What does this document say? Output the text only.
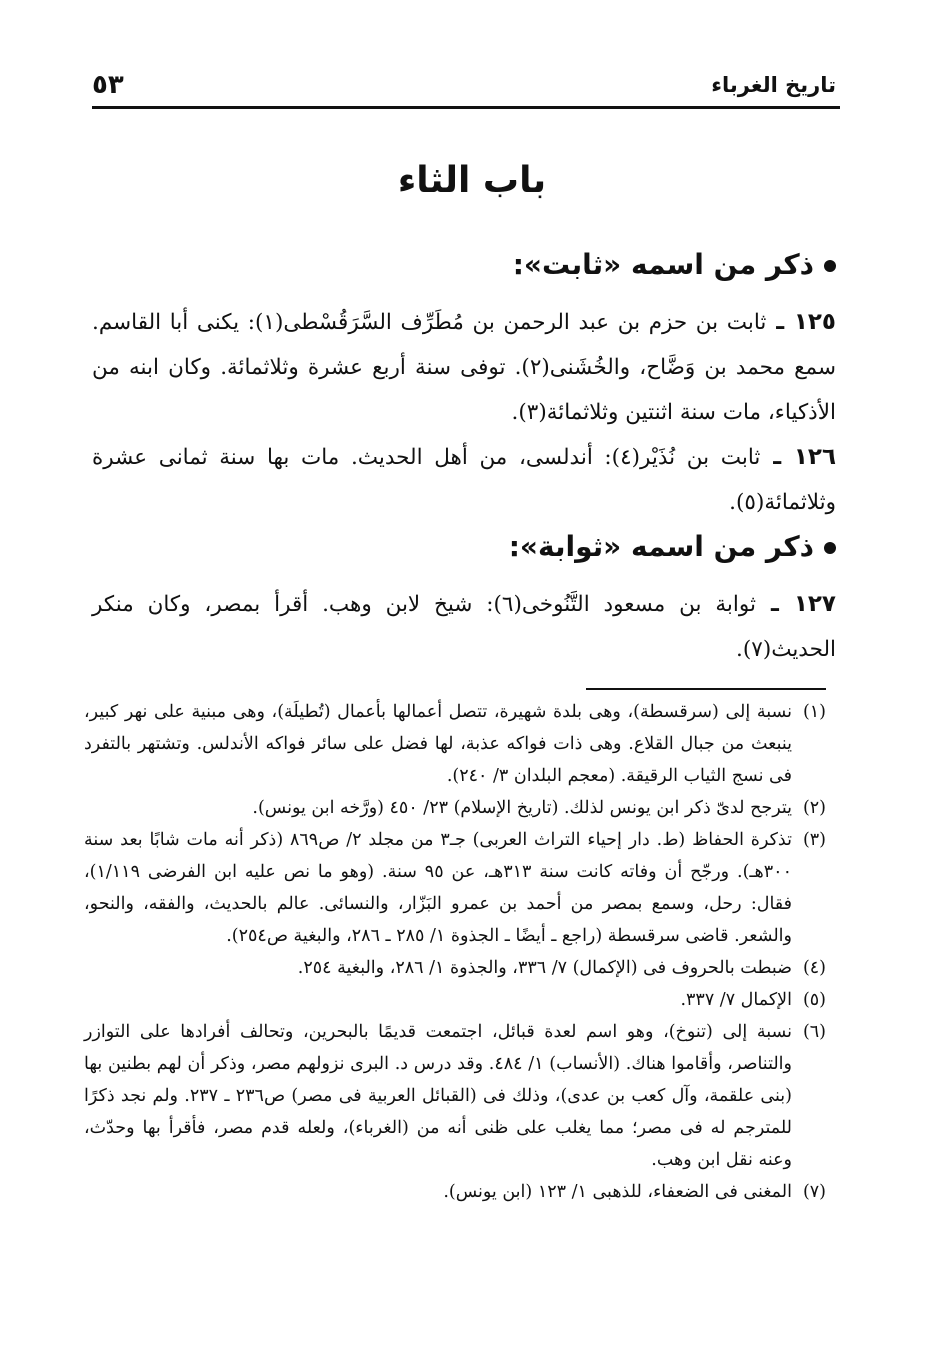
تاريخ الغرباء
٥٣
باب الثاء
ذكر من اسمه «ثابت»:

١٢٥ ـ ثابت بن حزم بن عبد الرحمن بن مُطَرِّف السَّرَقُسْطى(١): يكنى أبا القاسم. سمع محمد بن وَضَّاح، والخُشَنى(٢). توفى سنة أربع عشرة وثلاثمائة. وكان ابنه من الأذكياء، مات سنة اثنتين وثلاثمائة(٣).

١٢٦ ـ ثابت بن نُذَيْر(٤): أندلسى، من أهل الحديث. مات بها سنة ثمانى عشرة وثلاثمائة(٥).

ذكر من اسمه «ثوابة»:

١٢٧ ـ ثوابة بن مسعود التَّنُوخى(٦): شيخ لابن وهب. أقرأ بمصر، وكان منكر الحديث(٧).

(١)نسبة إلى (سرقسطة)، وهى بلدة شهيرة، تتصل أعمالها بأعمال (تُطيلَة)، وهى مبنية على نهر كبير، ينبعث من جبال القلاع. وهى ذات فواكه عذبة، لها فضل على سائر فواكه الأندلس. وتشتهر بالتفرد فى نسج الثياب الرقيقة. (معجم البلدان ٣/ ٢٤٠).

(٢)يترجح لدىّ ذكر ابن يونس لذلك. (تاريخ الإسلام) ٢٣/ ٤٥٠ (ورَّخه ابن يونس).

(٣)تذكرة الحفاظ (ط. دار إحياء التراث العربى) جـ٣ من مجلد ٢/ ص٨٦٩ (ذكر أنه مات شابًا بعد سنة ٣٠٠هـ). ورجّح أن وفاته كانت سنة ٣١٣هـ، عن ٩٥ سنة. (وهو ما نص عليه ابن الفرضى ١/١١٩)، فقال: رحل، وسمع بمصر من أحمد بن عمرو البَزّار، والنسائى. عالم بالحديث، والفقه، والنحو، والشعر. قاضى سرقسطة (راجع ـ أيضًا ـ الجذوة ١/ ٢٨٥ ـ ٢٨٦، والبغية ص٢٥٤).

(٤)ضبطت بالحروف فى (الإكمال) ٧/ ٣٣٦، والجذوة ١/ ٢٨٦، والبغية ٢٥٤.

(٥)الإكمال ٧/ ٣٣٧.

(٦)نسبة إلى (تنوخ)، وهو اسم لعدة قبائل، اجتمعت قديمًا بالبحرين، وتحالف أفرادها على التوازر والتناصر، وأقاموا هناك. (الأنساب) ١/ ٤٨٤. وقد درس د. البرى نزولهم مصر، وذكر أن لهم بطنين بها (بنى علقمة، وآل كعب بن عدى)، وذلك فى (القبائل العربية فى مصر) ص٢٣٦ ـ ٢٣٧. ولم نجد ذكرًا للمترجم له فى مصر؛ مما يغلب على ظنى أنه من (الغرباء)، ولعله قدم مصر، فأقرأ بها وحدّث، وعنه نقل ابن وهب.

(٧)المغنى فى الضعفاء، للذهبى ١/ ١٢٣ (ابن يونس).
